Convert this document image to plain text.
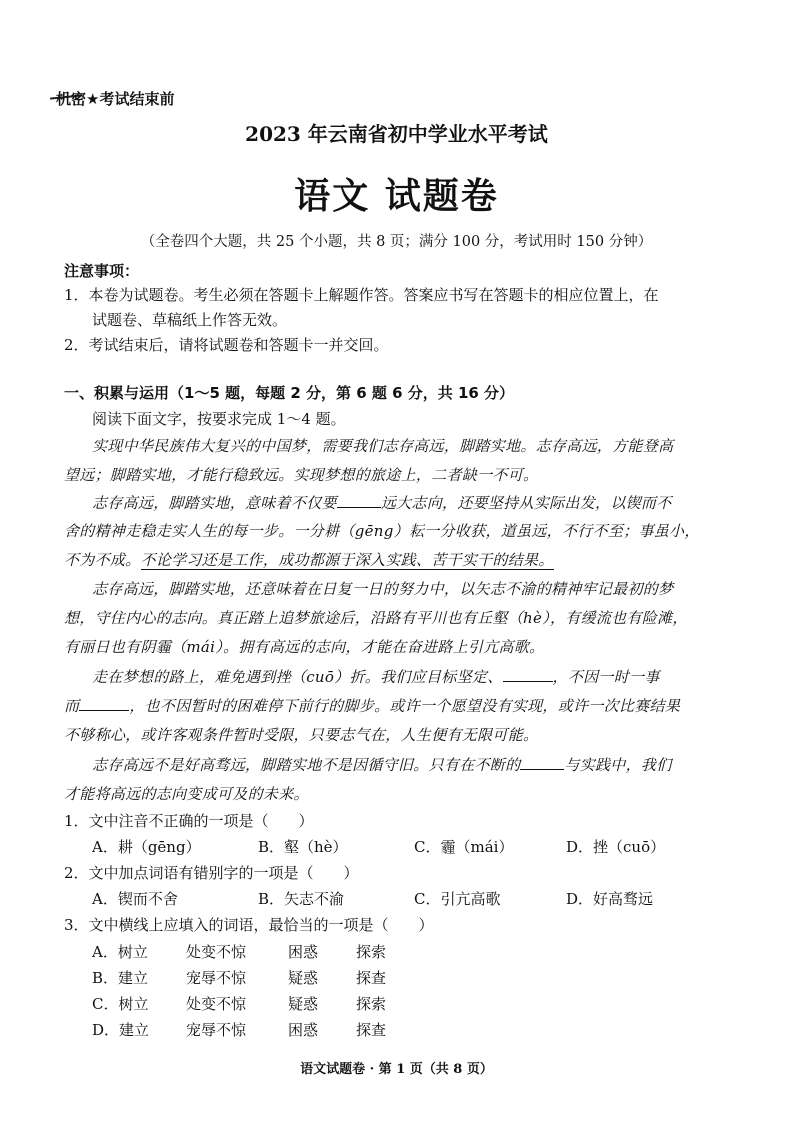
机密★考试结束前
2023 年云南省初中学业水平考试
语文 试题卷
（全卷四个大题，共 25 个小题，共 8 页；满分 100 分，考试用时 150 分钟）
注意事项：
1．本卷为试题卷。考生必须在答题卡上解题作答。答案应书写在答题卡的相应位置上，在
试题卷、草稿纸上作答无效。
2．考试结束后，请将试题卷和答题卡一并交回。
一、积累与运用（1～5 题，每题 2 分，第 6 题 6 分，共 16 分）
阅读下面文字，按要求完成 1～4 题。
实现中华民族伟大复兴的中国梦，需要我们志存高远，脚踏实地。志存高远，方能登高
望远；脚踏实地，才能行稳致远。实现梦想的旅途上，二者缺一不可。
志存高远，脚踏实地，意味着不仅要	远大志向，还要坚持从实际出发，以锲而不
舍的精神走稳走实人生的每一步。一分耕（gēng）耘一分收获，道虽远，不行不至；事虽小，
不为不成。不论学习还是工作，成功都源于深入实践、苦干实干的结果。
志存高远，脚踏实地，还意味着在日复一日的努力中，以矢志不渝的精神牢记最初的梦
想，守住内心的志向。真正踏上追梦旅途后，沿路有平川也有丘壑（hè），有缓流也有险滩，
有丽日也有阴霾（mái）。拥有高远的志向，才能在奋进路上引亢高歌。
走在梦想的路上，难免遇到挫（cuō）折。我们应目标坚定、	，不因一时一事
而	，也不因暂时的困难停下前行的脚步。或许一个愿望没有实现，或许一次比赛结果
不够称心，或许客观条件暂时受限，只要志气在，人生便有无限可能。
志存高远不是好高骛远，脚踏实地不是因循守旧。只有在不断的	与实践中，我们
才能将高远的志向变成可及的未来。
1．文中注音不正确的一项是（　　）
A．耕（gēng）	B．壑（hè）	C．霾（mái）	D．挫（cuō）
2．文中加点词语有错别字的一项是（　　）
A．锲而不舍	B．矢志不渝	C．引亢高歌	D．好高骛远
3．文中横线上应填入的词语，最恰当的一项是（　　）
A．树立	处变不惊	困惑	探索
B．建立	宠辱不惊	疑惑	探查
C．树立	处变不惊	疑惑	探索
D．建立 宠辱不惊	困惑	探查
语文试题卷 · 第 1 页（共 8 页）
